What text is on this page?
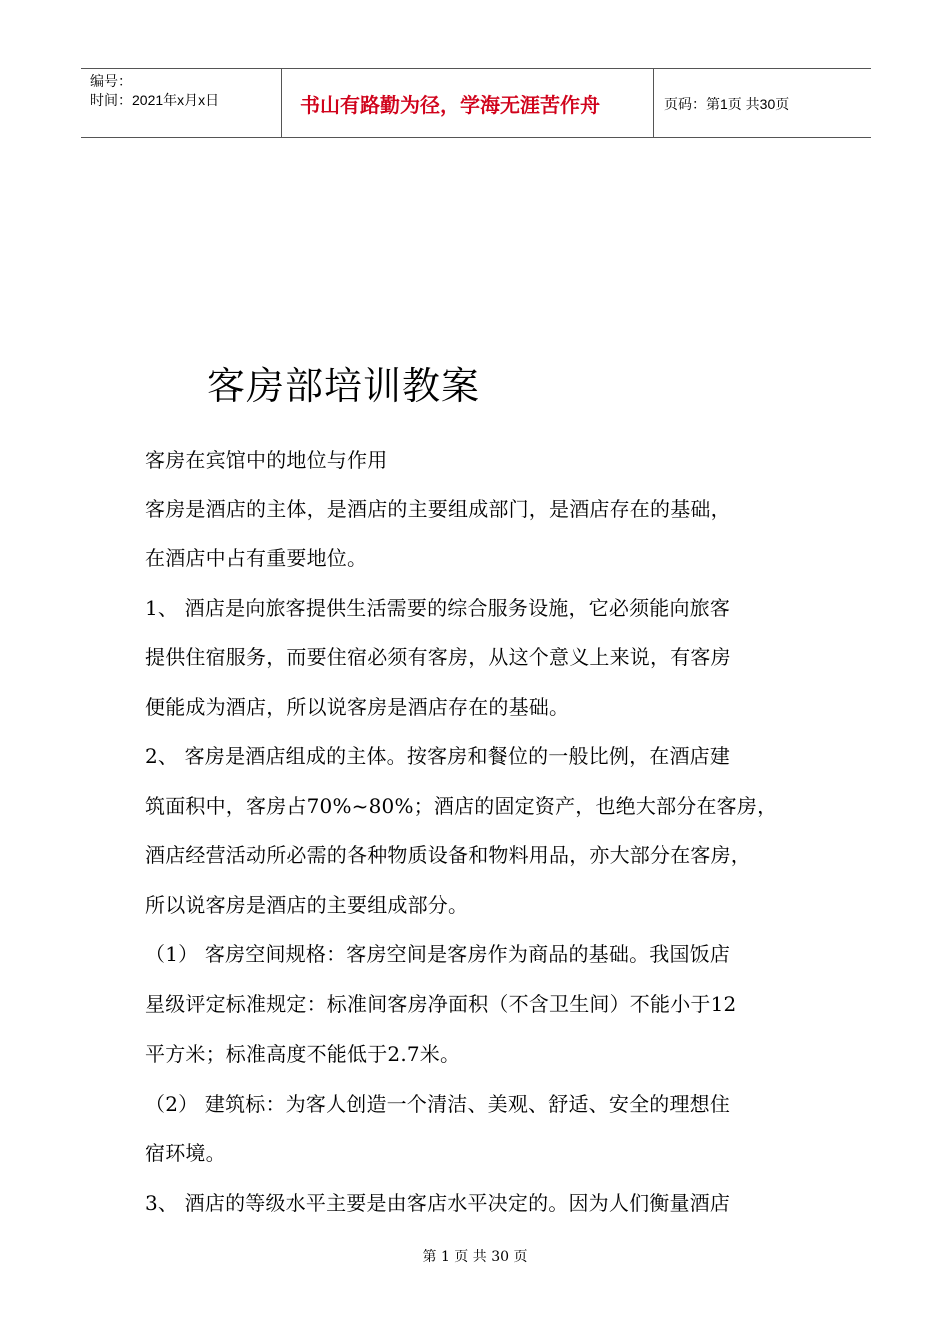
编号：
时间：2021年x月x日	书山有路勤为径，学海无涯苦作舟	页码：第1页 共30页
客房部培训教案
客房在宾馆中的地位与作用
客房是酒店的主体，是酒店的主要组成部门，是酒店存在的基础，
在酒店中占有重要地位。
1、 酒店是向旅客提供生活需要的综合服务设施，它必须能向旅客
提供住宿服务，而要住宿必须有客房，从这个意义上来说，有客房
便能成为酒店，所以说客房是酒店存在的基础。
2、 客房是酒店组成的主体。按客房和餐位的一般比例，在酒店建
筑面积中，客房占70%~80%；酒店的固定资产，也绝大部分在客房，
酒店经营活动所必需的各种物质设备和物料用品，亦大部分在客房，
所以说客房是酒店的主要组成部分。
（1） 客房空间规格：客房空间是客房作为商品的基础。我国饭店
星级评定标准规定：标准间客房净面积（不含卫生间）不能小于12
平方米；标准高度不能低于2.7米。
（2） 建筑标：为客人创造一个清洁、美观、舒适、安全的理想住
宿环境。
3、 酒店的等级水平主要是由客店水平决定的。因为人们衡量酒店
第 1 页 共 30 页
